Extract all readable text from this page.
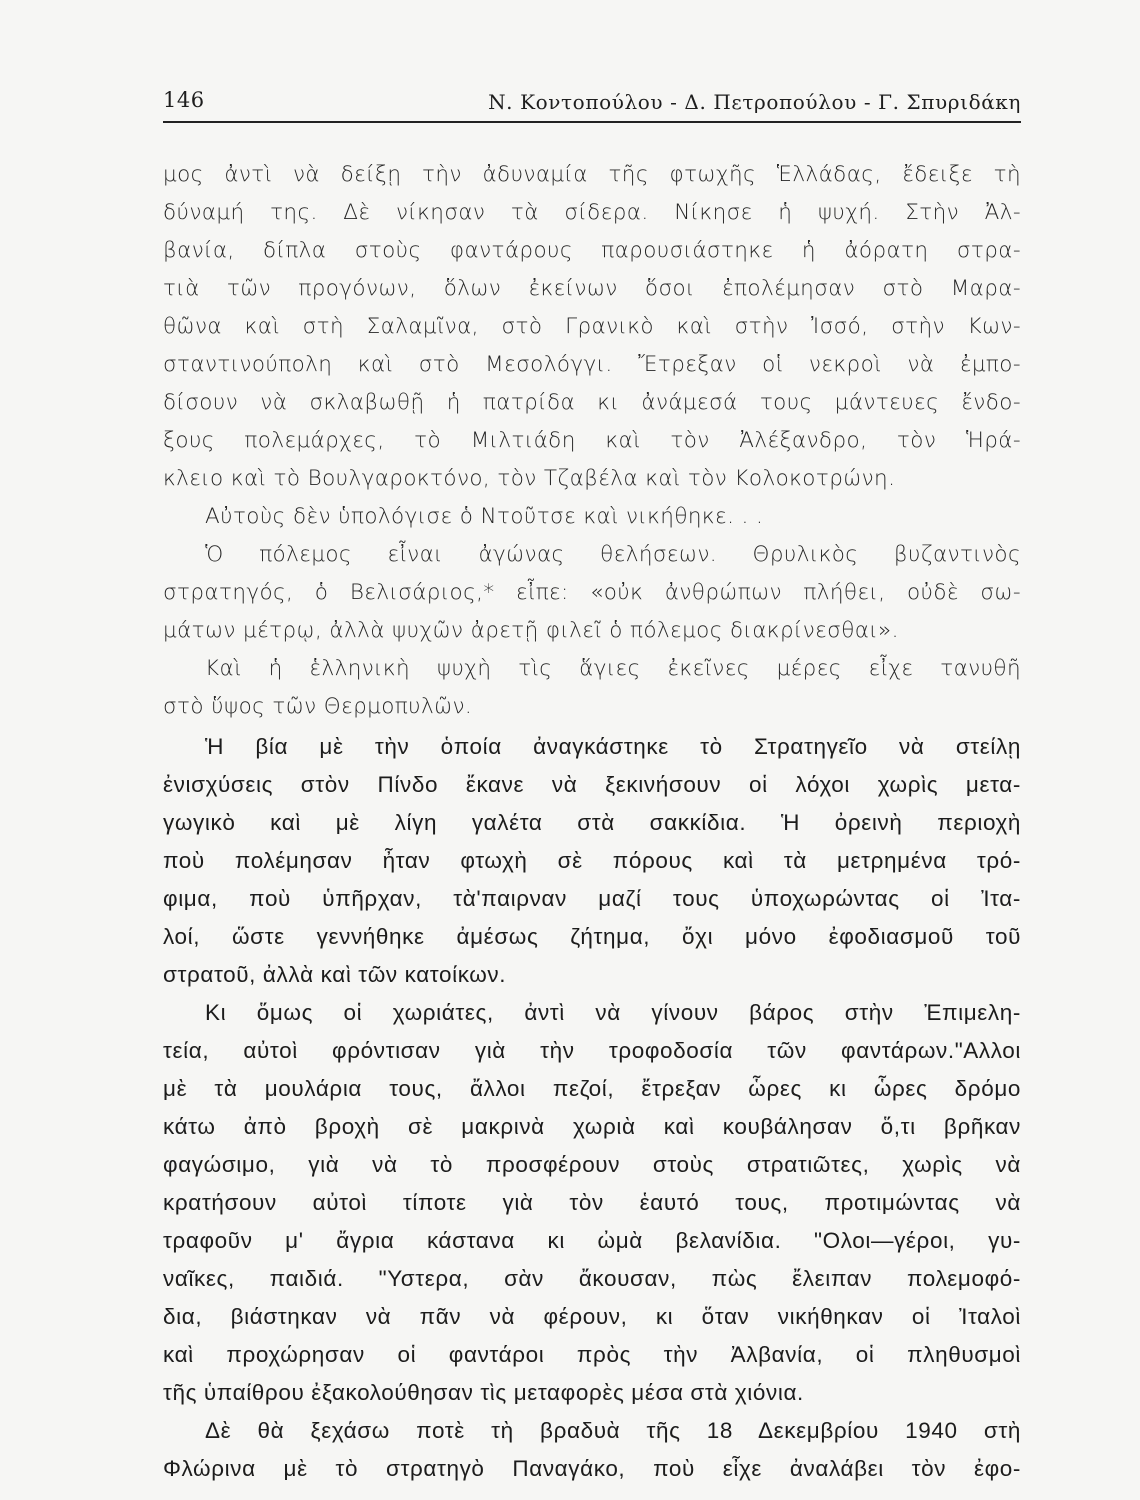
146	Ν. Κοντοπούλου - Δ. Πετροπούλου - Γ. Σπυριδάκη
μος ἀντὶ νὰ δείξῃ τὴν ἀδυναμία τῆς φτωχῆς Ἑλλάδας, ἔδειξε τὴ
δύναμή της. Δὲ νίκησαν τὰ σίδερα. Νίκησε ἡ ψυχή. Στὴν Ἀλ-
βανία, δίπλα στοὺς φαντάρους παρουσιάστηκε ἡ ἀόρατη στρα-
τιὰ τῶν προγόνων, ὅλων ἐκείνων ὅσοι ἐπολέμησαν στὸ Μαρα-
θῶνα καὶ στὴ Σαλαμῖνα, στὸ Γρανικὸ καὶ στὴν Ἰσσό, στὴν Κων-
σταντινούπολη καὶ στὸ Μεσολόγγι. Ἔτρεξαν οἱ νεκροὶ νὰ ἐμπο-
δίσουν νὰ σκλαβωθῇ ἡ πατρίδα κι ἀνάμεσά τους μάντευες ἔνδο-
ξους πολεμάρχες, τὸ Μιλτιάδη καὶ τὸν Ἀλέξανδρο, τὸν Ἡρά-
κλειο καὶ τὸ Βουλγαροκτόνο, τὸν Τζαβέλα καὶ τὸν Κολοκοτρώνη.
Αὐτοὺς δὲν ὑπολόγισε ὁ Ντοῦτσε καὶ νικήθηκε. . .
Ὁ πόλεμος εἶναι ἀγώνας θελήσεων. Θρυλικὸς βυζαντινὸς
στρατηγός, ὁ Βελισάριος,* εἶπε: «οὐκ ἀνθρώπων πλήθει, οὐδὲ σω-
μάτων μέτρῳ, ἀλλὰ ψυχῶν ἀρετῇ φιλεῖ ὁ πόλεμος διακρίνεσθαι».
Καὶ ἡ ἑλληνικὴ ψυχὴ τὶς ἅγιες ἐκεῖνες μέρες εἶχε τανυθῆ
στὸ ὕψος τῶν Θερμοπυλῶν.
Ἡ βία μὲ τὴν ὁποία ἀναγκάστηκε τὸ Στρατηγεῖο νὰ στείλῃ
ἐνισχύσεις στὸν Πίνδο ἔκανε νὰ ξεκινήσουν οἱ λόχοι χωρὶς μετα-
γωγικὸ καὶ μὲ λίγη γαλέτα στὰ σακκίδια. Ἡ ὀρεινὴ περιοχὴ
ποὺ πολέμησαν ἦταν φτωχὴ σὲ πόρους καὶ τὰ μετρημένα τρό-
φιμα, ποὺ ὑπῆρχαν, τὰ'παιρναν μαζί τους ὑποχωρώντας οἱ Ἰτα-
λοί, ὥστε γεννήθηκε ἀμέσως ζήτημα, ὄχι μόνο ἐφοδιασμοῦ τοῦ
στρατοῦ, ἀλλὰ καὶ τῶν κατοίκων.
Κι ὅμως οἱ χωριάτες, ἀντὶ νὰ γίνουν βάρος στὴν Ἐπιμελη-
τεία, αὐτοὶ φρόντισαν γιὰ τὴν τροφοδοσία τῶν φαντάρων."Αλλοι
μὲ τὰ μουλάρια τους, ἄλλοι πεζοί, ἔτρεξαν ὧρες κι ὧρες δρόμο
κάτω ἀπὸ βροχὴ σὲ μακρινὰ χωριὰ καὶ κουβάλησαν ὅ,τι βρῆκαν
φαγώσιμο, γιὰ νὰ τὸ προσφέρουν στοὺς στρατιῶτες, χωρὶς νὰ
κρατήσουν αὐτοὶ τίποτε γιὰ τὸν ἑαυτό τους, προτιμώντας νὰ
τραφοῦν μ' ἄγρια κάστανα κι ὠμὰ βελανίδια. "Ολοι—γέροι, γυ-
ναῖκες, παιδιά. "Υστερα, σὰν ἄκουσαν, πὼς ἔλειπαν πολεμοφό-
δια, βιάστηκαν νὰ πᾶν νὰ φέρουν, κι ὅταν νικήθηκαν οἱ Ἰταλοὶ
καὶ προχώρησαν οἱ φαντάροι πρὸς τὴν Ἀλβανία, οἱ πληθυσμοὶ
τῆς ὑπαίθρου ἐξακολούθησαν τὶς μεταφορὲς μέσα στὰ χιόνια.
Δὲ θὰ ξεχάσω ποτὲ τὴ βραδυὰ τῆς 18 Δεκεμβρίου 1940 στὴ
Φλώρινα μὲ τὸ στρατηγὸ Παναγάκο, ποὺ εἶχε ἀναλάβει τὸν ἐφο-
